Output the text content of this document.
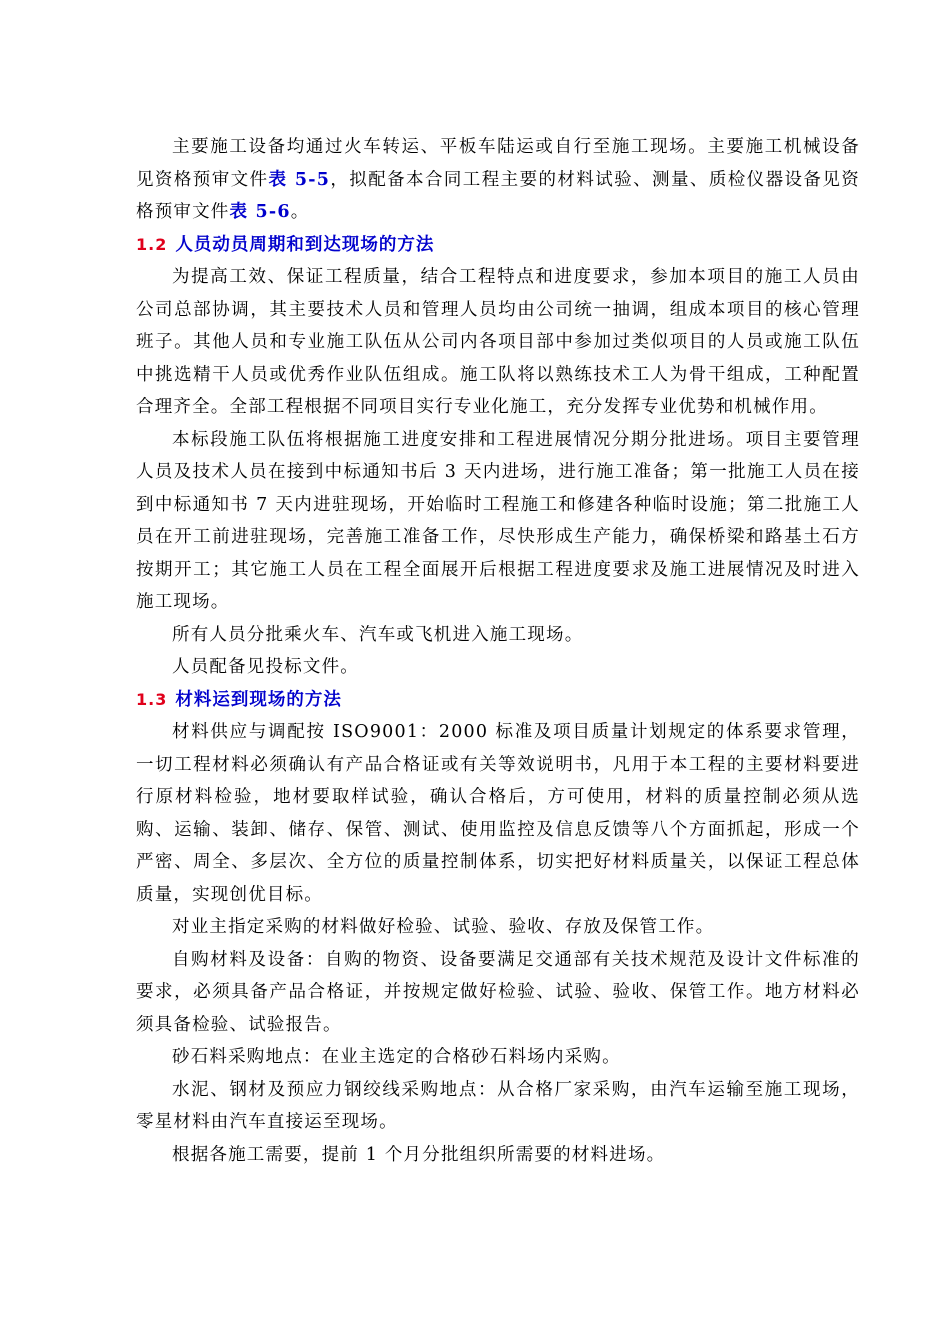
主要施工设备均通过火车转运、平板车陆运或自行至施工现场。主要施工机械设备见资格预审文件表 5-5，拟配备本合同工程主要的材料试验、测量、质检仪器设备见资格预审文件表 5-6。

1.2 人员动员周期和到达现场的方法

为提高工效、保证工程质量，结合工程特点和进度要求，参加本项目的施工人员由公司总部协调，其主要技术人员和管理人员均由公司统一抽调，组成本项目的核心管理班子。其他人员和专业施工队伍从公司内各项目部中参加过类似项目的人员或施工队伍中挑选精干人员或优秀作业队伍组成。施工队将以熟练技术工人为骨干组成，工种配置合理齐全。全部工程根据不同项目实行专业化施工，充分发挥专业优势和机械作用。

本标段施工队伍将根据施工进度安排和工程进展情况分期分批进场。项目主要管理人员及技术人员在接到中标通知书后 3 天内进场，进行施工准备；第一批施工人员在接到中标通知书 7 天内进驻现场，开始临时工程施工和修建各种临时设施；第二批施工人员在开工前进驻现场，完善施工准备工作，尽快形成生产能力，确保桥梁和路基土石方按期开工；其它施工人员在工程全面展开后根据工程进度要求及施工进展情况及时进入施工现场。

所有人员分批乘火车、汽车或飞机进入施工现场。

人员配备见投标文件。

1.3 材料运到现场的方法

材料供应与调配按 ISO9001：2000 标准及项目质量计划规定的体系要求管理，一切工程材料必须确认有产品合格证或有关等效说明书，凡用于本工程的主要材料要进行原材料检验，地材要取样试验，确认合格后，方可使用，材料的质量控制必须从选购、运输、装卸、储存、保管、测试、使用监控及信息反馈等八个方面抓起，形成一个严密、周全、多层次、全方位的质量控制体系，切实把好材料质量关，以保证工程总体质量，实现创优目标。

对业主指定采购的材料做好检验、试验、验收、存放及保管工作。

自购材料及设备：自购的物资、设备要满足交通部有关技术规范及设计文件标准的要求，必须具备产品合格证，并按规定做好检验、试验、验收、保管工作。地方材料必须具备检验、试验报告。

砂石料采购地点：在业主选定的合格砂石料场内采购。

水泥、钢材及预应力钢绞线采购地点：从合格厂家采购，由汽车运输至施工现场，零星材料由汽车直接运至现场。

根据各施工需要，提前 1 个月分批组织所需要的材料进场。
